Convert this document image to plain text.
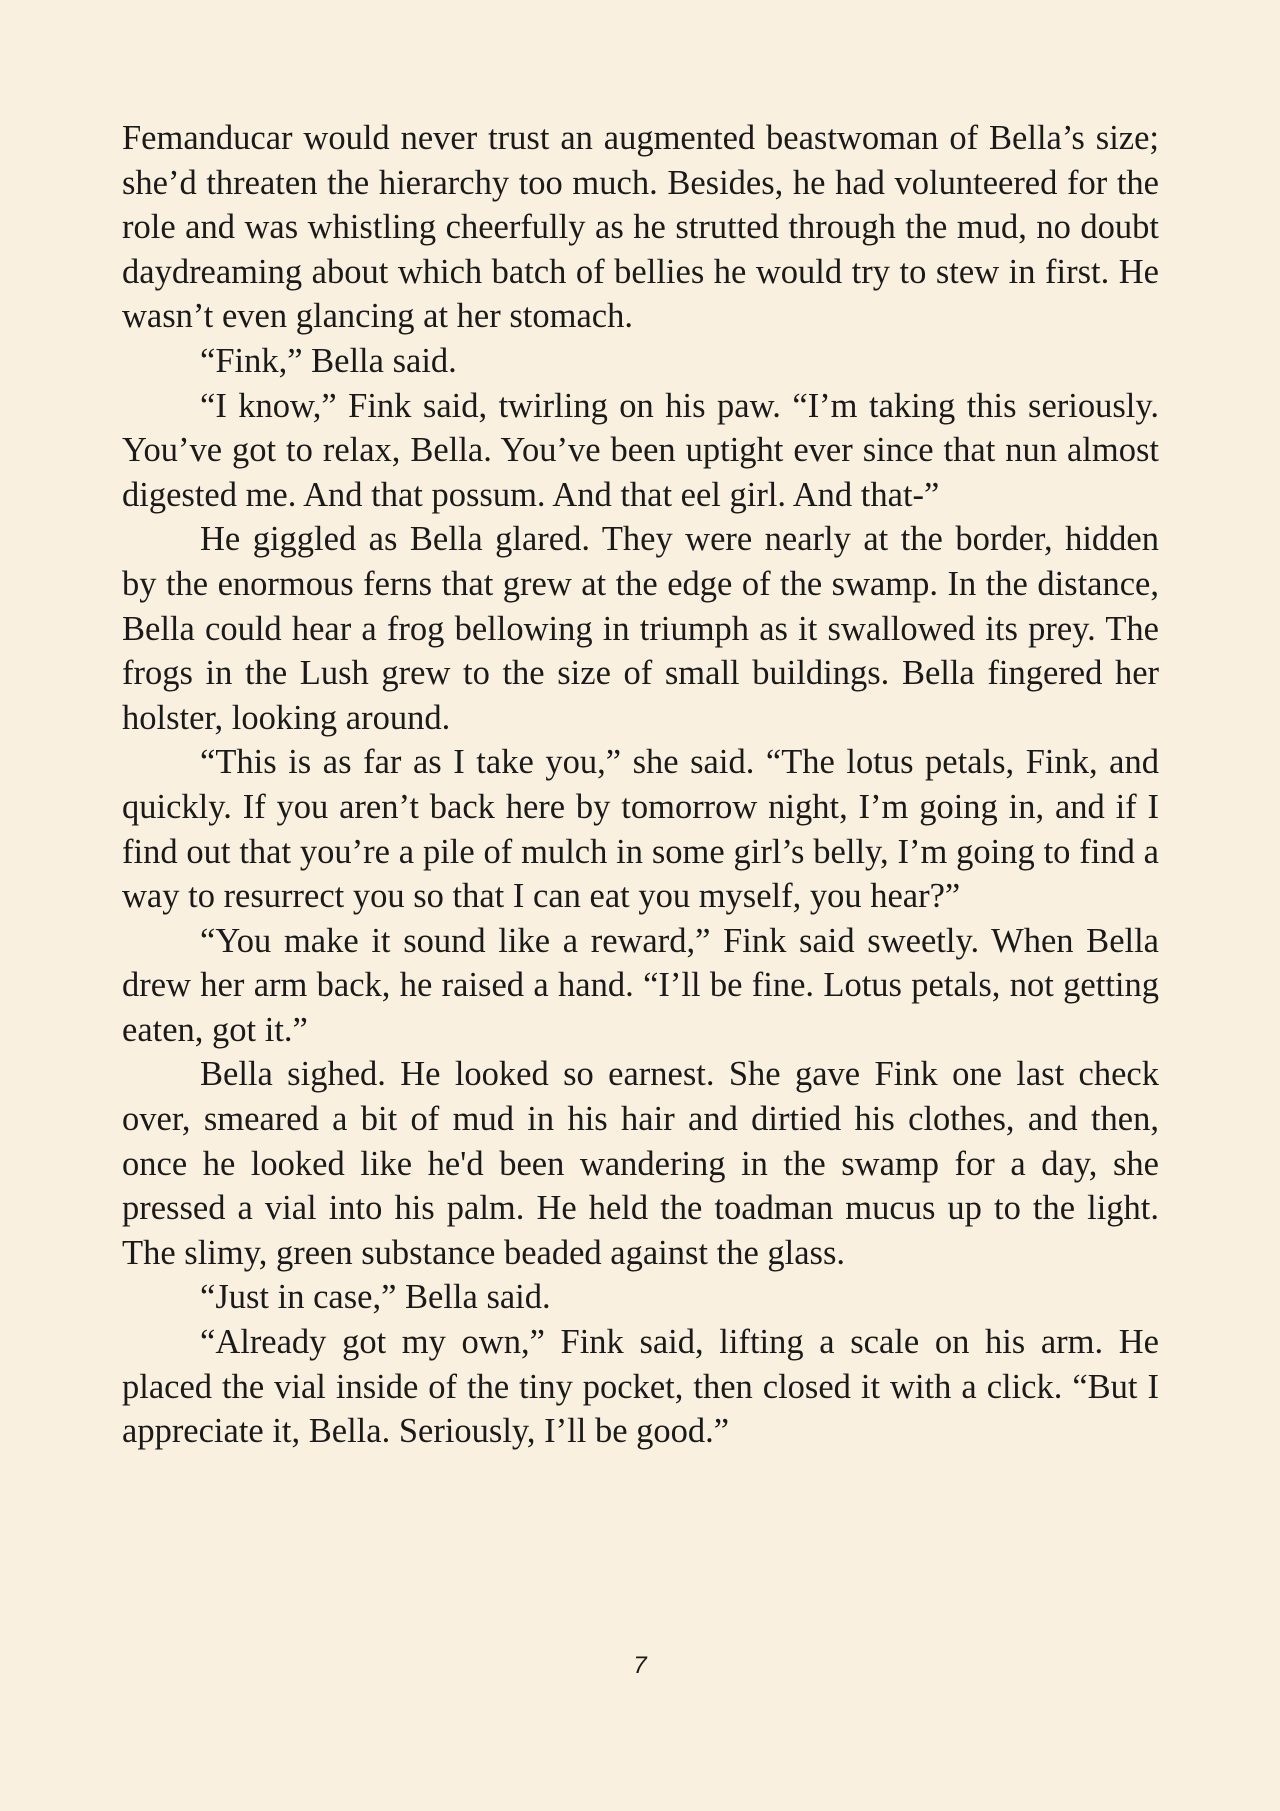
Femanducar would never trust an augmented beastwoman of Bella’s size; she’d threaten the hierarchy too much. Besides, he had volunteered for the role and was whistling cheerfully as he strutted through the mud, no doubt daydreaming about which batch of bellies he would try to stew in first. He wasn’t even glancing at her stomach.

“Fink,” Bella said.

“I know,” Fink said, twirling on his paw. “I’m taking this seriously. You’ve got to relax, Bella. You’ve been uptight ever since that nun almost digested me. And that possum. And that eel girl. And that-”

He giggled as Bella glared. They were nearly at the border, hidden by the enormous ferns that grew at the edge of the swamp. In the distance, Bella could hear a frog bellowing in triumph as it swallowed its prey. The frogs in the Lush grew to the size of small buildings. Bella fingered her holster, looking around.

“This is as far as I take you,” she said. “The lotus petals, Fink, and quickly. If you aren’t back here by tomorrow night, I’m going in, and if I find out that you’re a pile of mulch in some girl’s belly, I’m going to find a way to resurrect you so that I can eat you myself, you hear?”

“You make it sound like a reward,” Fink said sweetly. When Bella drew her arm back, he raised a hand. “I’ll be fine. Lotus petals, not getting eaten, got it.”

Bella sighed. He looked so earnest. She gave Fink one last check over, smeared a bit of mud in his hair and dirtied his clothes, and then, once he looked like he'd been wandering in the swamp for a day, she pressed a vial into his palm. He held the toadman mucus up to the light. The slimy, green substance beaded against the glass.

“Just in case,” Bella said.

“Already got my own,” Fink said, lifting a scale on his arm. He placed the vial inside of the tiny pocket, then closed it with a click. “But I appreciate it, Bella. Seriously, I’ll be good.”

7
